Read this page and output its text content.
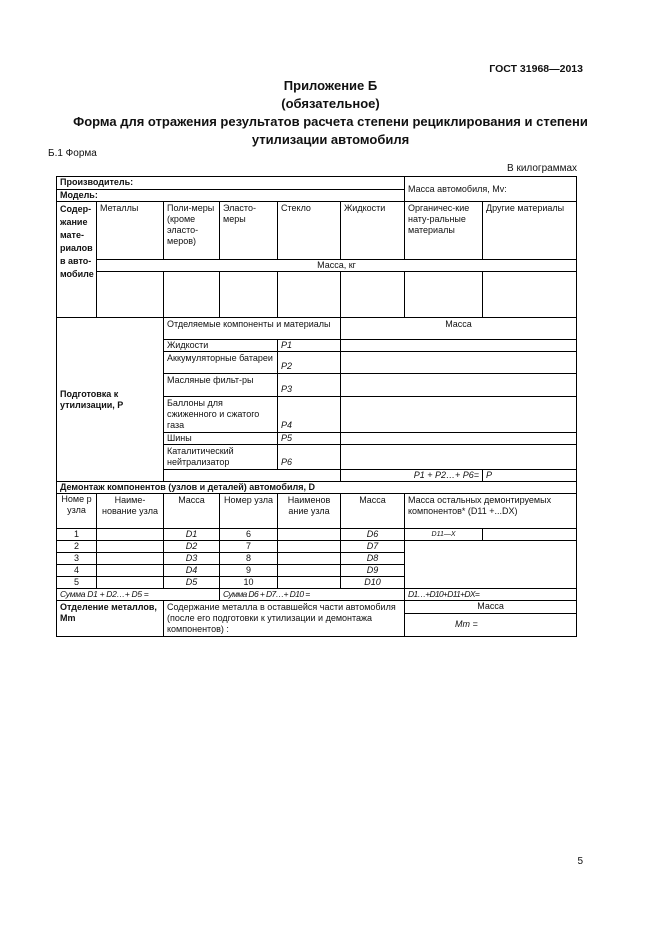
ГОСТ 31968—2013
Приложение Б
(обязательное)
Форма для отражения результатов расчета степени рециклирования и степени
утилизации автомобиля
Б.1 Форма
В килограммах
Производитель:						Масса автомобиля, Мv:	
Модель:							
Содер-жание мате-риалов в авто-мобиле	Металлы	Поли-меры (кроме эласто-меров)	Эласто-меры	Стекло	Жидкости	Органичес-кие нату-ральные материалы	Другие материалы
	Масса, кг						

Подготовка к утилизации, Р		Отделяемые компоненты и материалы			Масса		
		Жидкости		Р1			
		Аккумуляторные батареи		Р2			
		Масляные фильт-ры		Р3			
		Баллоны для сжиженного и сжатого газа		Р4			
		Шины		Р5			
		Каталитический нейтрализатор		Р6			
					Р1 + Р2…+ Р6=		Р
Демонтаж компонентов (узлов и деталей) автомобиля, D							
Номе р узла	Наиме-нование узла	Масса	Номер узла	Наименов ание узла	Масса	Масса остальных демонтируемых компонентов* (D11 +...DX)	
1		D1	6		D6	D11—X	
2		D2	7		D7		
3		D3	8		D8		
4		D4	9		D9		
5		D5	10		D10		
Сумма D1 + D2…+ D5 =			Сумма D6 + D7…+ D10 =			D1…+D10+D11+DX=	
Отделение металлов, Мm		Содержание металла в оставшейся части автомобиля (после его подготовки к утилизации и демонтажа компонентов) :				Масса	
						Мm =	
5
